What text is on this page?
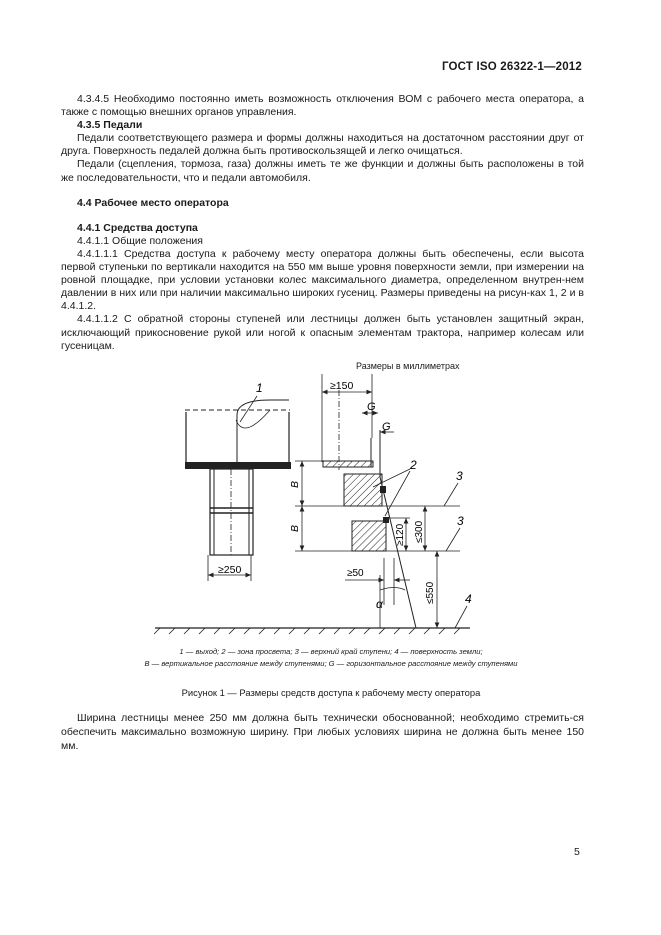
ГОСТ ISO 26322-1—2012

4.3.4.5 Необходимо постоянно иметь возможность отключения ВОМ с рабочего места оператора, а также с помощью внешних органов управления.

4.3.5 Педали

Педали соответствующего размера и формы должны находиться на достаточном расстоянии друг от друга. Поверхность педалей должна быть противоскользящей и легко очищаться.

Педали (сцепления, тормоза, газа) должны иметь те же функции и должны быть расположены в той же последовательности, что и педали автомобиля.

4.4 Рабочее место оператора
4.4.1 Средства доступа

4.4.1.1 Общие положения

4.4.1.1.1 Средства доступа к рабочему месту оператора должны быть обеспечены, если высота первой ступеньки по вертикали находится на 550 мм выше уровня поверхности земли, при измерении на ровной площадке, при условии установки колес максимального диаметра, определенном внутрен-нем давлении в них или при наличии максимально широких гусениц. Размеры приведены на рисун-ках 1, 2 и в 4.4.1.2.

4.4.1.1.2 С обратной стороны ступеней или лестницы должен быть установлен защитный экран, исключающий прикосновение рукой или ногой к опасным элементам трактора, например колесам или гусеницам.

Размеры в миллиметрах
≥250
1	≥150
G
G
B
B	≥120 ≤300
≤550
≥50
α
2
3
3
4
1 — выход; 2 — зона просвета; 3 — верхний край ступени; 4 — поверхность земли;
B — вертикальное расстояние между ступенями; G — горизонтальное расстояние между ступенями
Рисунок 1 — Размеры средств доступа к рабочему месту оператора

Ширина лестницы менее 250 мм должна быть технически обоснованной; необходимо стремить-ся обеспечить максимально возможную ширину. При любых условиях ширина не должна быть менее 150 мм.

5
